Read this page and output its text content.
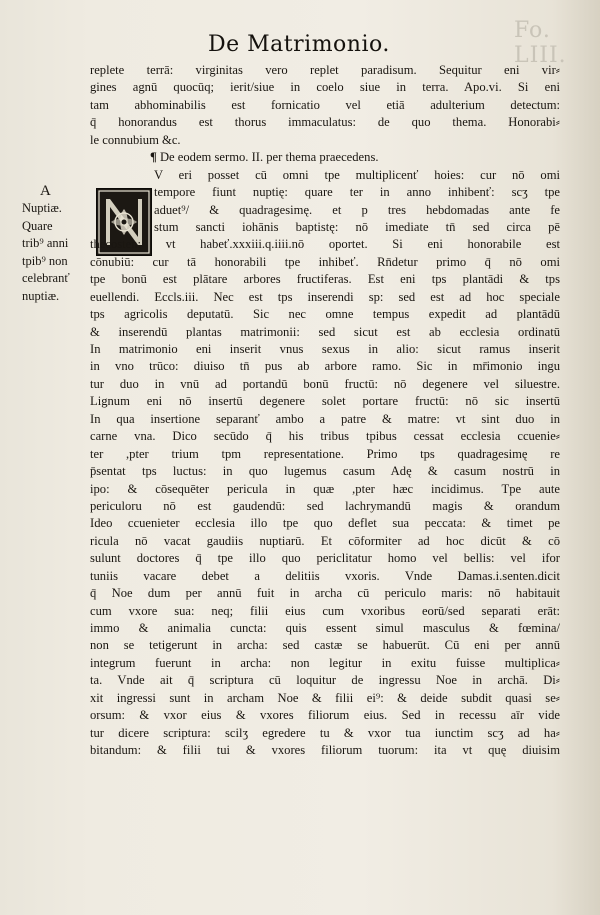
Fo. LIII.
De Matrimonio.
A
Nuptiæ.
Quare
trib⁹ anni
tpib⁹ non
celebranť
nuptiæ.
replete terrā: virginitas vero replet paradisum. Sequitur eni vir⸗
gines agnū quocūq; ierit/siue in coelo siue in terra. Apo.vi. Si eni
tam abhominabilis est fornicatio vel etiā adulterium detectum:
q̄ honorandus est thorus immaculatus: de quo thema. Honorabi⸗
le connubium &c.
¶ De eodem sermo. II. per thema praecedens.
V eri posset cū omni tpe multiplicenť hoies: cur nō omi
tempore fiunt nuptię: quare ter in anno inhibenť: scʒ tpe
aduet⁹/ & quadragesimę. et p tres hebdomadas ante fe
stum sancti iohānis baptistę: nō imediate tn̄ sed circa pē
thecosten: vt habeť.xxxiii.q.iiii.nō oportet. Si eni honorabile est
cōnubiū: cur tā honorabili tpe inhibeť. Rn̄detur primo q̄ nō omi
tpe bonū est plātare arbores fructiferas. Est eni tps plantādi & tps
euellendi. Eccls.iii. Nec est tps inserendi sp: sed est ad hoc speciale
tps agricolis deputatū. Sic nec omne tempus expedit ad plantādū
& inserendū plantas matrimonii: sed sicut est ab ecclesia ordinatū
In matrimonio eni inserit vnus sexus in alio: sicut ramus inserit
in vno trūco: diuiso tn̄ pus ab arbore ramo. Sic in mr̄imonio ingu
tur duo in vnū ad portandū bonū fructū: nō degenere vel siluestre.
Lignum eni nō insertū degenere solet portare fructū: nō sic insertū
In qua insertione separanť ambo a patre & matre: vt sint duo in
carne vna. Dico secūdo q̄ his tribus tpibus cessat ecclesia ccuenie⸗
ter ,pter trium tpm representatione. Primo tps quadragesimę re
p̄sentat tps luctus: in quo lugemus casum Adę & casum nostrū in
ipo: & cōsequēter pericula in quæ ,pter hæc incidimus. Tpe aute
periculoru nō est gaudendū: sed lachrymandū magis & orandum
Ideo ccuenieter ecclesia illo tpe quo deflet sua peccata: & timet pe
ricula nō vacat gaudiis nuptiarū. Et cōformiter ad hoc dicūt & cō
sulunt doctores q̄ tpe illo quo periclitatur homo vel bellis: vel ifor
tuniis vacare debet a delitiis vxoris. Vnde Damas.i.senten.dicit
q̄ Noe dum per annū fuit in archa cū periculo maris: nō habitauit
cum vxore sua: neq; filii eius cum vxoribus eorū/sed separati erāt:
immo & animalia cuncta: quis essent simul masculus & fœmina/
non se tetigerunt in archa: sed castæ se habuerūt. Cū eni per annū
integrum fuerunt in archa: non legitur in exitu fuisse multiplica⸗
ta. Vnde ait q̄ scriptura cū loquitur de ingressu Noe in archā. Di⸗
xit ingressi sunt in archam Noe & filii ei⁹: & deide subdit quasi se⸗
orsum: & vxor eius & vxores filiorum eius. Sed in recessu aīr vide
tur dicere scriptura: scilʒ egredere tu & vxor tua iunctim scʒ ad ha⸗
bitandum: & filii tui & vxores filiorum tuorum: ita vt quę diuisim
